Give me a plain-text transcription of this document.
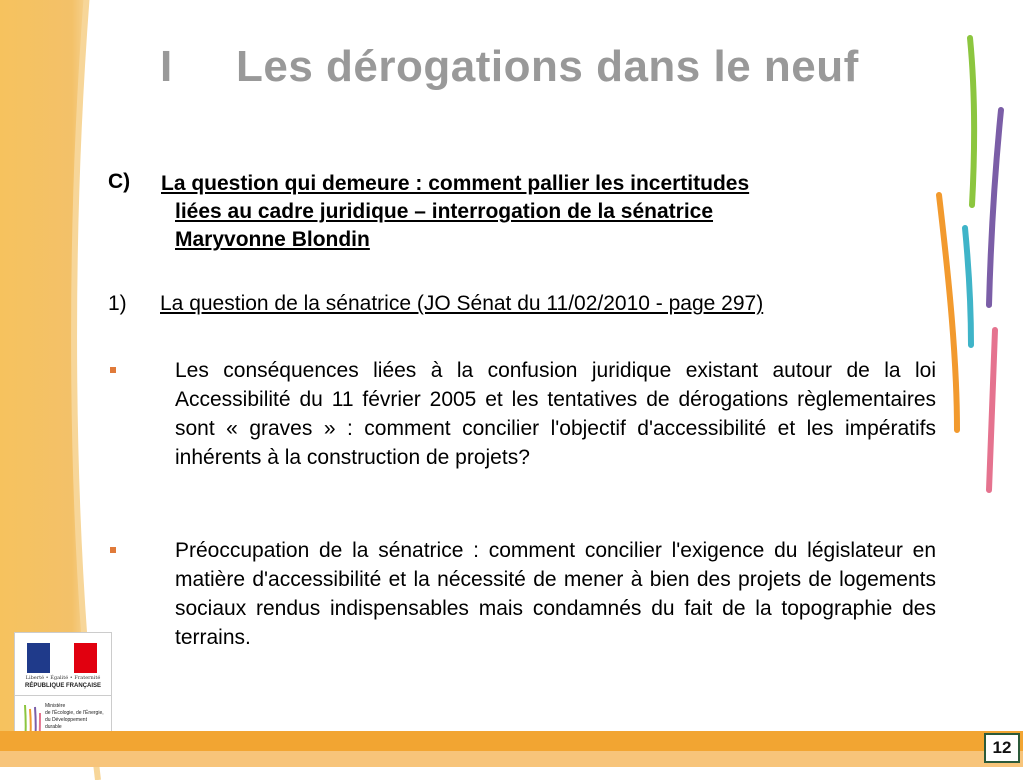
I Les dérogations dans le neuf
C) La question qui demeure : comment pallier les incertitudes
liées au cadre juridique – interrogation de la sénatrice
Maryvonne Blondin
1) La question de la sénatrice (JO Sénat du 11/02/2010 - page 297)
Les conséquences liées à la confusion juridique existant autour de la loi Accessibilité du 11 février 2005 et les tentatives de dérogations règlementaires sont « graves » : comment concilier l'objectif d'accessibilité et les impératifs inhérents à la construction de projets?
Préoccupation de la sénatrice : comment concilier l'exigence du législateur en matière d'accessibilité et la nécessité de mener à bien des projets de logements sociaux rendus indispensables mais condamnés du fait de la topographie des terrains.
Liberté • Égalité • Fraternité
RÉPUBLIQUE FRANÇAISE
Ministère
de l'Écologie, de l'Énergie,
du Développement
durable
12
